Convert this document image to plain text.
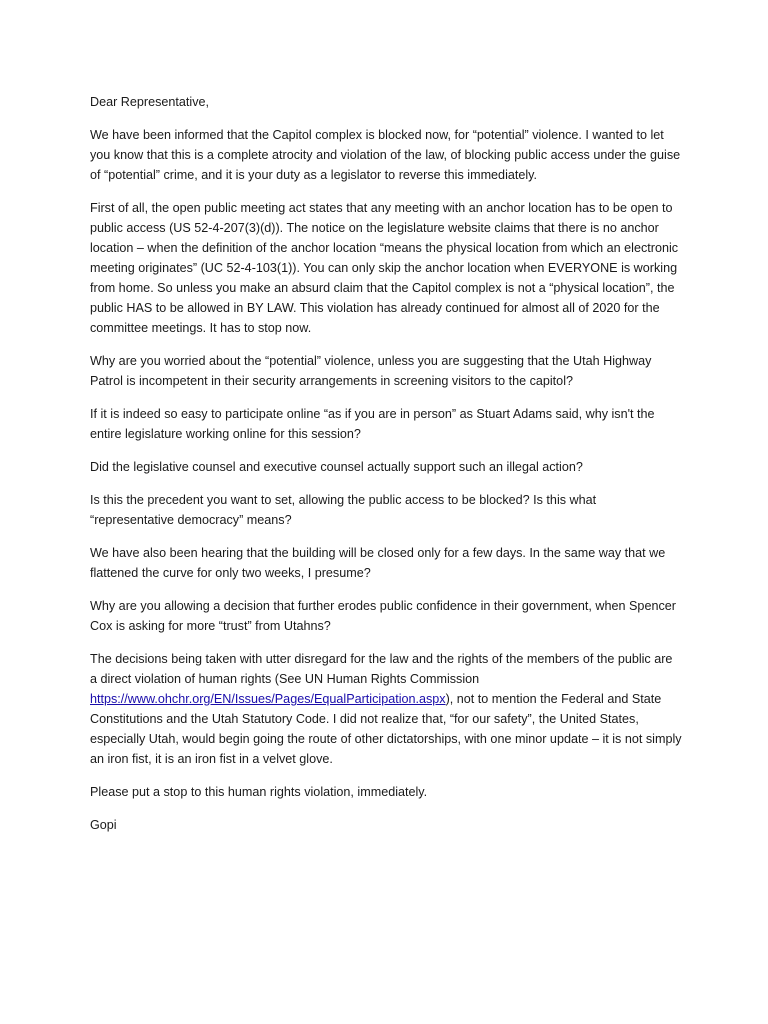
Dear Representative,

We have been informed that the Capitol complex is blocked now, for “potential” violence. I wanted to let you know that this is a complete atrocity and violation of the law, of blocking public access under the guise of “potential” crime, and it is your duty as a legislator to reverse this immediately.

First of all, the open public meeting act states that any meeting with an anchor location has to be open to public access (US 52-4-207(3)(d)). The notice on the legislature website claims that there is no anchor location – when the definition of the anchor location “means the physical location from which an electronic meeting originates” (UC 52-4-103(1)). You can only skip the anchor location when EVERYONE is working from home. So unless you make an absurd claim that the Capitol complex is not a “physical location”, the public HAS to be allowed in BY LAW. This violation has already continued for almost all of 2020 for the committee meetings. It has to stop now.

Why are you worried about the “potential” violence, unless you are suggesting that the Utah Highway Patrol is incompetent in their security arrangements in screening visitors to the capitol?

If it is indeed so easy to participate online “as if you are in person” as Stuart Adams said, why isn't the entire legislature working online for this session?

Did the legislative counsel and executive counsel actually support such an illegal action?

Is this the precedent you want to set, allowing the public access to be blocked? Is this what “representative democracy” means?

We have also been hearing that the building will be closed only for a few days. In the same way that we flattened the curve for only two weeks, I presume?

Why are you allowing a decision that further erodes public confidence in their government, when Spencer Cox is asking for more “trust” from Utahns?

The decisions being taken with utter disregard for the law and the rights of the members of the public are a direct violation of human rights (See UN Human Rights Commission https://www.ohchr.org/EN/Issues/Pages/EqualParticipation.aspx), not to mention the Federal and State Constitutions and the Utah Statutory Code. I did not realize that, “for our safety”, the United States, especially Utah, would begin going the route of other dictatorships, with one minor update – it is not simply an iron fist, it is an iron fist in a velvet glove.

Please put a stop to this human rights violation, immediately.

Gopi
